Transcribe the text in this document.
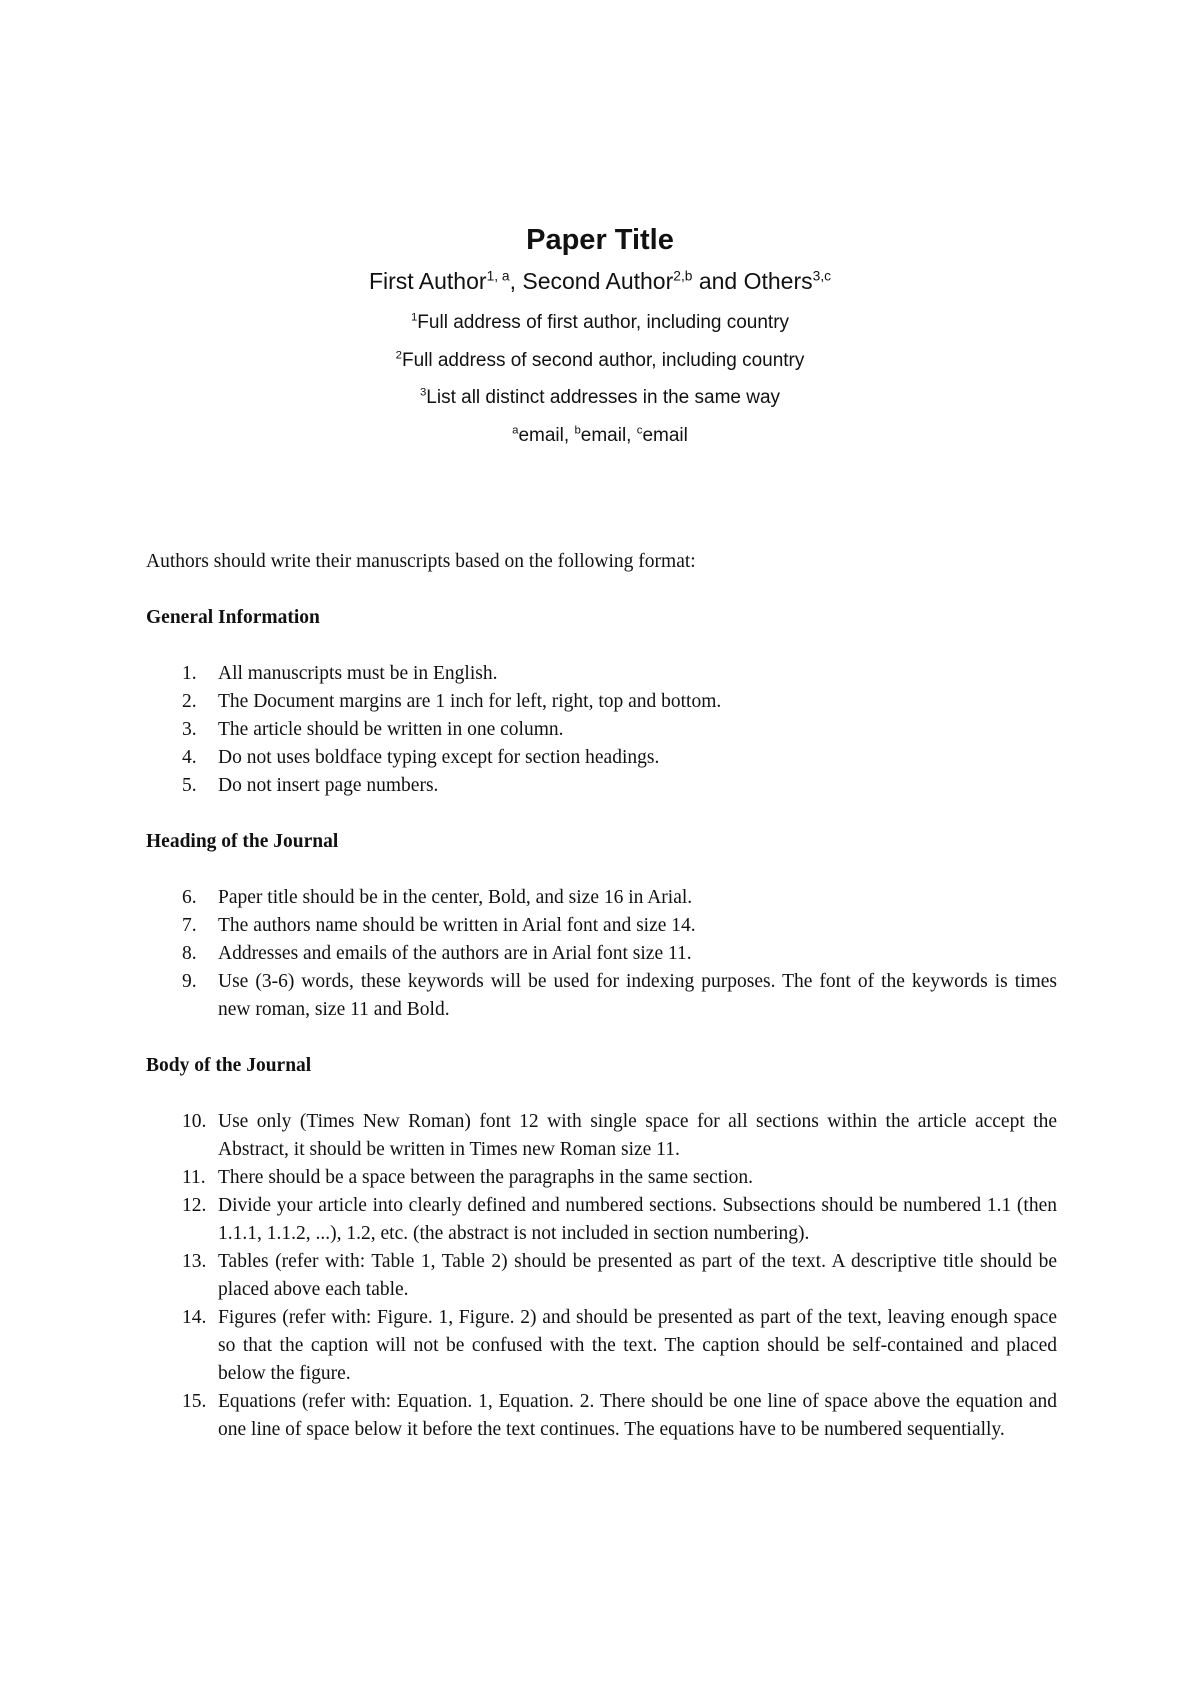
Paper Title

First Author$^{1, a}$, Second Author$^{2,b}$ and Others$^{3,c}$

$^1$Full address of first author, including country

$^2$Full address of second author, including country

$^3$List all distinct addresses in the same way

$^a$email, $^b$email, $^c$email

Authors should write their manuscripts based on the following format:

General Information

1. All manuscripts must be in English.
2. The Document margins are 1 inch for left, right, top and bottom.
3. The article should be written in one column.
4. Do not uses boldface typing except for section headings.
5. Do not insert page numbers.

Heading of the Journal

6. Paper title should be in the center, Bold, and size 16 in Arial.
7. The authors name should be written in Arial font and size 14.
8. Addresses and emails of the authors are in Arial font size 11.
9. Use (3-6) words, these keywords will be used for indexing purposes. The font of the keywords is times new roman, size 11 and Bold.

Body of the Journal

10. Use only (Times New Roman) font 12 with single space for all sections within the article accept the Abstract, it should be written in Times new Roman size 11.
11. There should be a space between the paragraphs in the same section.
12. Divide your article into clearly defined and numbered sections. Subsections should be numbered 1.1 (then 1.1.1, 1.1.2, ...), 1.2, etc. (the abstract is not included in section numbering).
13. Tables (refer with: Table 1, Table 2) should be presented as part of the text. A descriptive title should be placed above each table.
14. Figures (refer with: Figure. 1, Figure. 2) and should be presented as part of the text, leaving enough space so that the caption will not be confused with the text. The caption should be self-contained and placed below the figure.
15. Equations (refer with: Equation. 1, Equation. 2. There should be one line of space above the equation and one line of space below it before the text continues. The equations have to be numbered sequentially.
